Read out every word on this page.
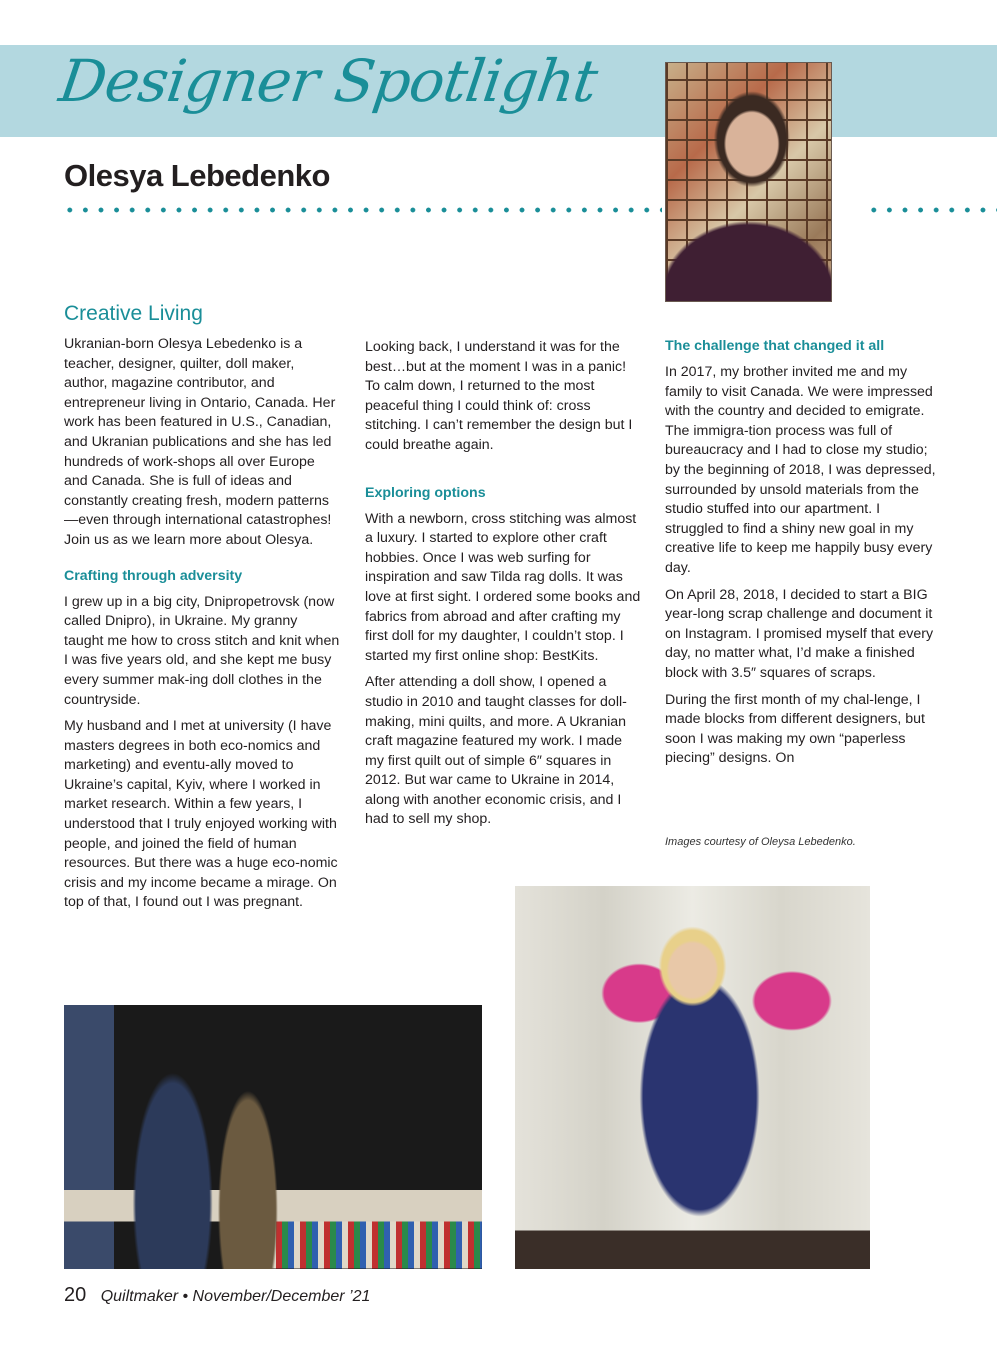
Designer Spotlight
Olesya Lebedenko
Creative Living

Ukranian-born Olesya Lebedenko is a teacher, designer, quilter, doll maker, author, magazine contributor, and entrepreneur living in Ontario, Canada. Her work has been featured in U.S., Canadian, and Ukranian publications and she has led hundreds of work-shops all over Europe and Canada. She is full of ideas and constantly creating fresh, modern patterns—even through international catastrophes! Join us as we learn more about Olesya.

Crafting through adversity

I grew up in a big city, Dnipropetrovsk (now called Dnipro), in Ukraine. My granny taught me how to cross stitch and knit when I was five years old, and she kept me busy every summer mak-ing doll clothes in the countryside.

My husband and I met at university (I have masters degrees in both eco-nomics and marketing) and eventu-ally moved to Ukraine’s capital, Kyiv, where I worked in market research. Within a few years, I understood that I truly enjoyed working with people, and joined the field of human resources. But there was a huge eco-nomic crisis and my income became a mirage. On top of that, I found out I was pregnant.

Looking back, I understand it was for the best…but at the moment I was in a panic! To calm down, I returned to the most peaceful thing I could think of: cross stitching. I can’t remember the design but I could breathe again.

Exploring options

With a newborn, cross stitching was almost a luxury. I started to explore other craft hobbies. Once I was web surfing for inspiration and saw Tilda rag dolls. It was love at first sight. I ordered some books and fabrics from abroad and after crafting my first doll for my daughter, I couldn’t stop. I started my first online shop: BestKits.

After attending a doll show, I opened a studio in 2010 and taught classes for doll-making, mini quilts, and more. A Ukranian craft magazine featured my work. I made my first quilt out of simple 6″ squares in 2012. But war came to Ukraine in 2014, along with another economic crisis, and I had to sell my shop.

The challenge that changed it all

In 2017, my brother invited me and my family to visit Canada. We were impressed with the country and decided to emigrate. The immigra-tion process was full of bureaucracy and I had to close my studio; by the beginning of 2018, I was depressed, surrounded by unsold materials from the studio stuffed into our apartment. I struggled to find a shiny new goal in my creative life to keep me happily busy every day.

On April 28, 2018, I decided to start a BIG year-long scrap challenge and document it on Instagram. I promised myself that every day, no matter what, I’d make a finished block with 3.5″ squares of scraps.

During the first month of my chal-lenge, I made blocks from different designers, but soon I was making my own “paperless piecing” designs. On

Images courtesy of Oleysa Lebedenko.
20 Quiltmaker • November/December ’21
